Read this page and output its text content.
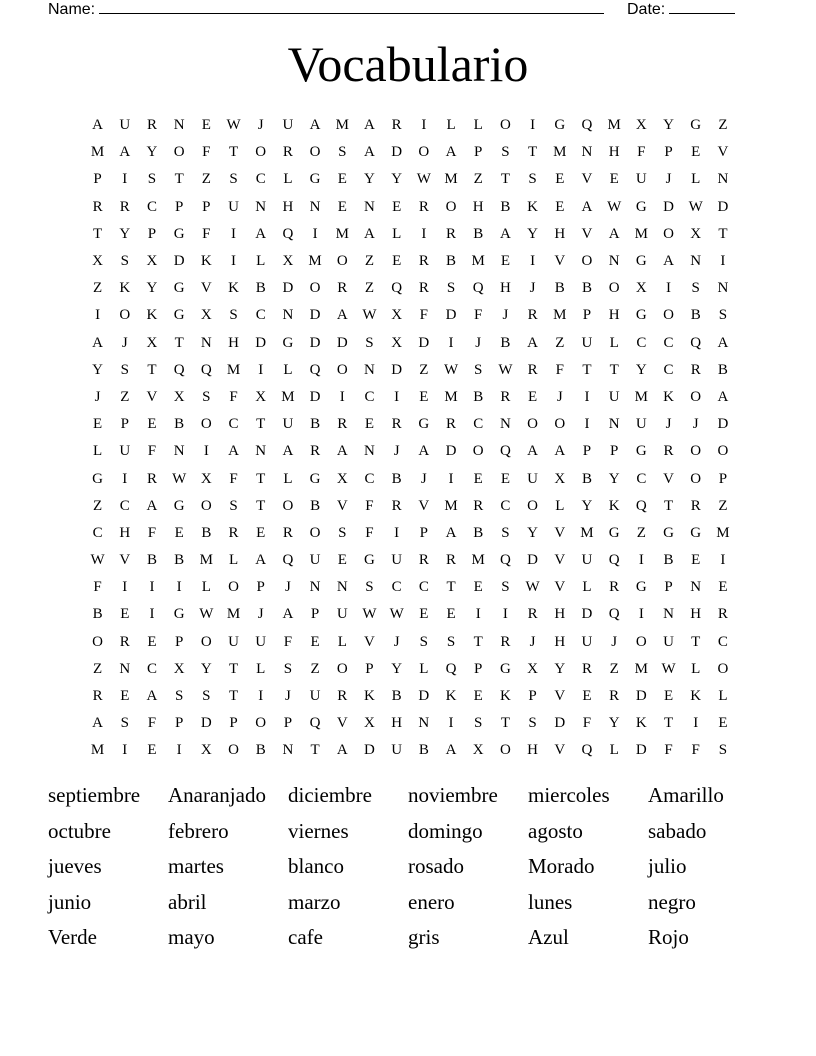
Name:	Date:
Vocabulario
A	U	R	N	E	W	J	U	A	M	A	R	I	L	L	O	I	G	Q	M	X	Y	G	Z
M	A	Y	O	F	T	O	R	O	S	A	D	O	A	P	S	T	M	N	H	F	P	E	V
P	I	S	T	Z	S	C	L	G	E	Y	Y W M	Z	T	S	E	V	E	U	J	L	N
R	R	C	P	P	U	N	H	N	E	N	E	R	O	H	B	K	E	A W G	D W D
T	Y	P	G	F	I	A	Q	I	M	A	L	I	R	B	A	Y	H	V	A	M	O	X	T
X	S	X	D	K	I	L	X	M	O	Z	E	R	B	M	E	I	V	O	N	G	A	N	I
Z	K	Y	G	V	K	B	D	O	R	Z	Q	R	S	Q	H	J	B	B	O	X	I	S	N
I	O	K	G	X	S	C	N	D	A W X	F	D	F	J	R	M	P	H	G	O	B	S
A	J	X	T	N	H	D	G	D	D	S	X	D	I	J	B	A	Z	U	L	C	C	Q	A
Y	S	T	Q	Q	M	I	L	Q	O	N	D	Z	W	S	W	R	F	T	T	Y	C	R	B
J	Z	V	X	S	F	X	M	D	I	C	I	E	M	B	R	E	J	I	U	M	K	O	A
E	P	E	B	O	C	T	U	B	R	E	R	G	R	C	N	O	O	I	N	U	J	J	D
L	U	F	N	I	A	N	A	R	A	N	J	A	D	O	Q	A	A	P	P	G	R	O	O
G	I	R	W X	F	T	L	G	X	C	B	J	I	E	E	U	X	B	Y	C	V	O	P
Z	C	A	G	O	S	T	O	B	V	F	R	V	M	R	C	O	L	Y	K	Q	T	R	Z
C	H	F	E	B	R	E	R	O	S	F	I	P	A	B	S	Y	V	M	G	Z	G	G	M
W V	B	B	M	L	A	Q	U	E	G	U	R	R	M	Q	D	V	U	Q	I	B	E	I
F	I	I	I	L	O	P	J	N	N	S	C	C	T	E	S	W V	L	R	G	P	N	E
B	E	I	G W M	J	A	P	U W W	E	E	I	I	R	H	D	Q	I	N	H	R
O	R	E	P	O	U	U	F	E	L	V	J	S	S	T	R	J	H	U	J	O	U	T	C
Z	N	C	X	Y	T	L	S	Z	O	P	Y	L	Q	P	G	X	Y	R	Z	M W	L	O
R	E	A	S	S	T	I	J	U	R	K	B	D	K	E	K	P	V	E	R	D	E	K	L
A	S	F	P	D	P	O	P	Q	V	X	H	N	I	S	T	S	D	F	Y	K	T	I	E
M	I	E	I	X	O	B	N	T	A	D	U	B	A	X	O	H	V	Q	L	D	F	F	S
septiembre	Anaranjado	diciembre	noviembre	miercoles	Amarillo
octubre	febrero	viernes	domingo	agosto	sabado
jueves	martes	blanco	rosado	Morado	julio
junio	abril	marzo	enero	lunes	negro
Verde	mayo	cafe	gris	Azul	Rojo
